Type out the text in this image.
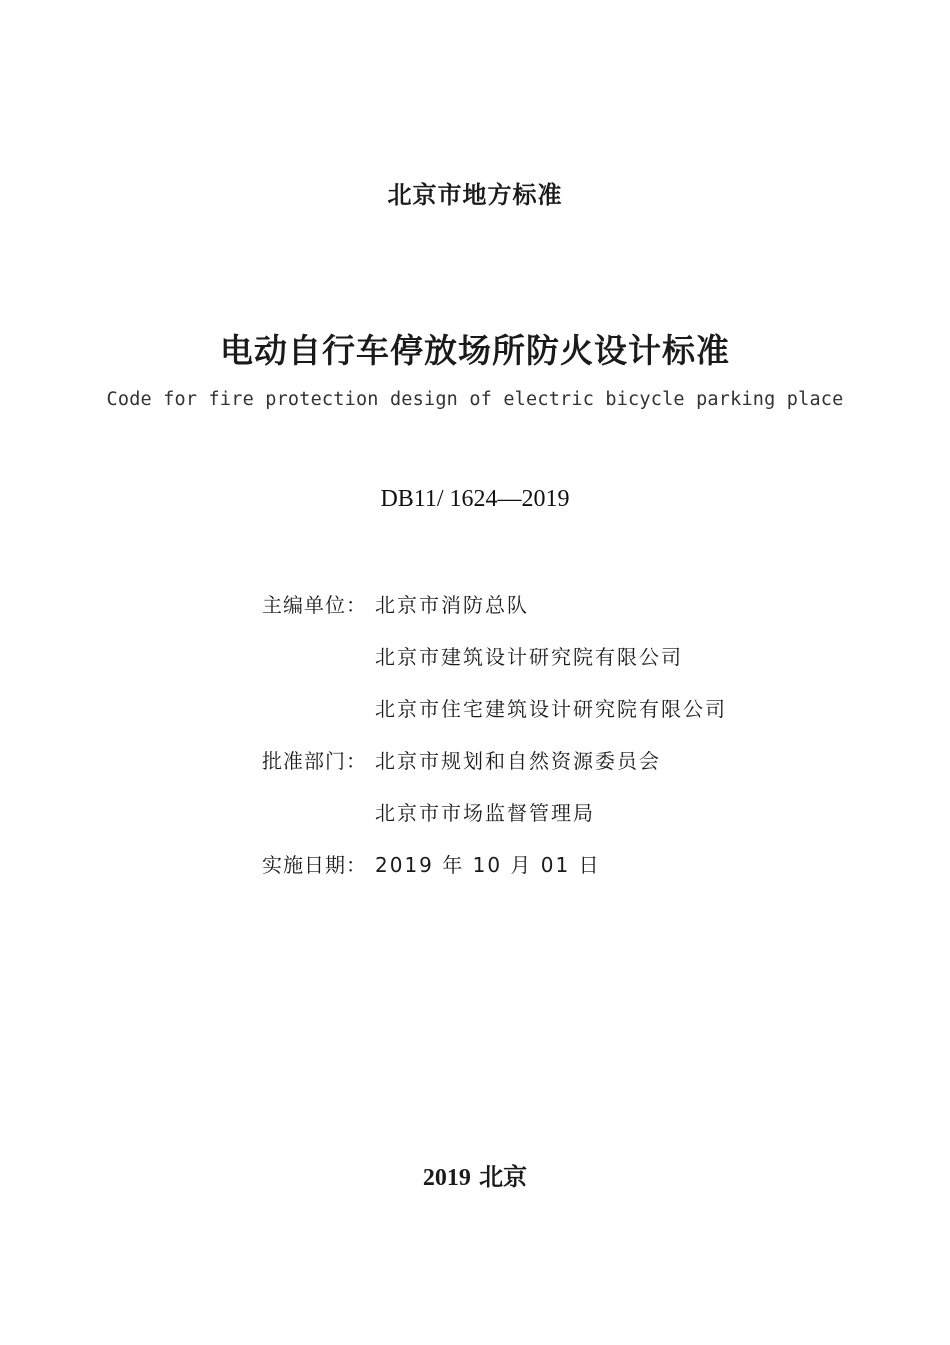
北京市地方标准
电动自行车停放场所防火设计标准
Code for fire protection design of electric bicycle parking place
DB11/ 1624—2019
主编单位： 北京市消防总队
北京市建筑设计研究院有限公司
北京市住宅建筑设计研究院有限公司
批准部门： 北京市规划和自然资源委员会
北京市市场监督管理局
实施日期： 2019 年 10 月 01 日
2019 北京
